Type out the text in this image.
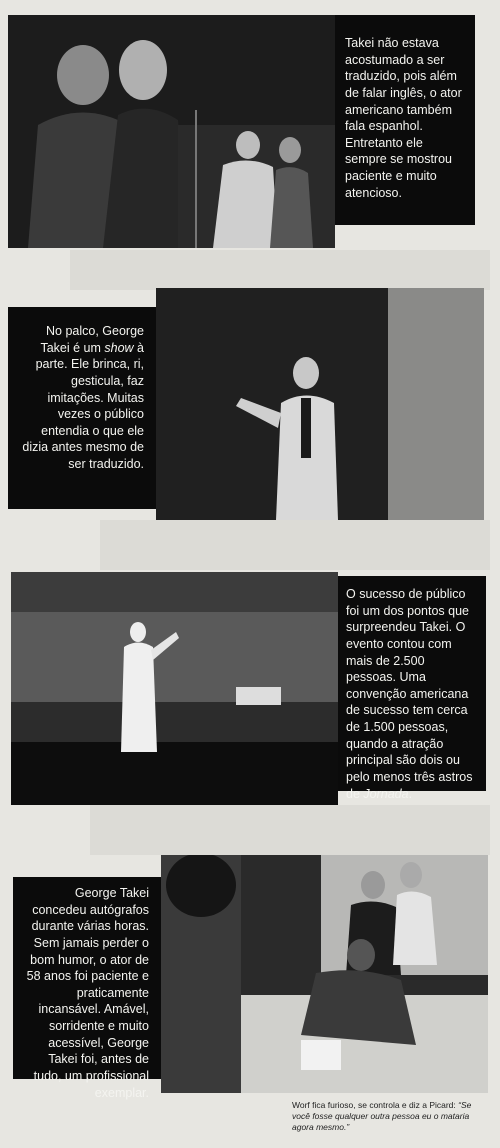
Takei não estava acostumado a ser traduzido, pois além de falar inglês, o ator americano também fala espanhol. Entretanto ele sempre se mostrou paciente e muito atencioso.

No palco, George Takei é um show à parte. Ele brinca, ri, gesticula, faz imitações. Muitas vezes o público entendia o que ele dizia antes mesmo de ser traduzido.

O sucesso de público foi um dos pontos que surpreendeu Takei. O evento contou com mais de 2.500 pessoas. Uma convenção americana de sucesso tem cerca de 1.500 pessoas, quando a atração principal são dois ou pelo menos três astros de Jornada.

George Takei concedeu autógrafos durante várias horas. Sem jamais perder o bom humor, o ator de 58 anos foi paciente e praticamente incansável. Amável, sorridente e muito acessível, George Takei foi, antes de tudo, um profissional exemplar.

Worf fica furioso, se controla e diz a Picard: “Se você fosse qualquer outra pessoa eu o mataria agora mesmo.”
